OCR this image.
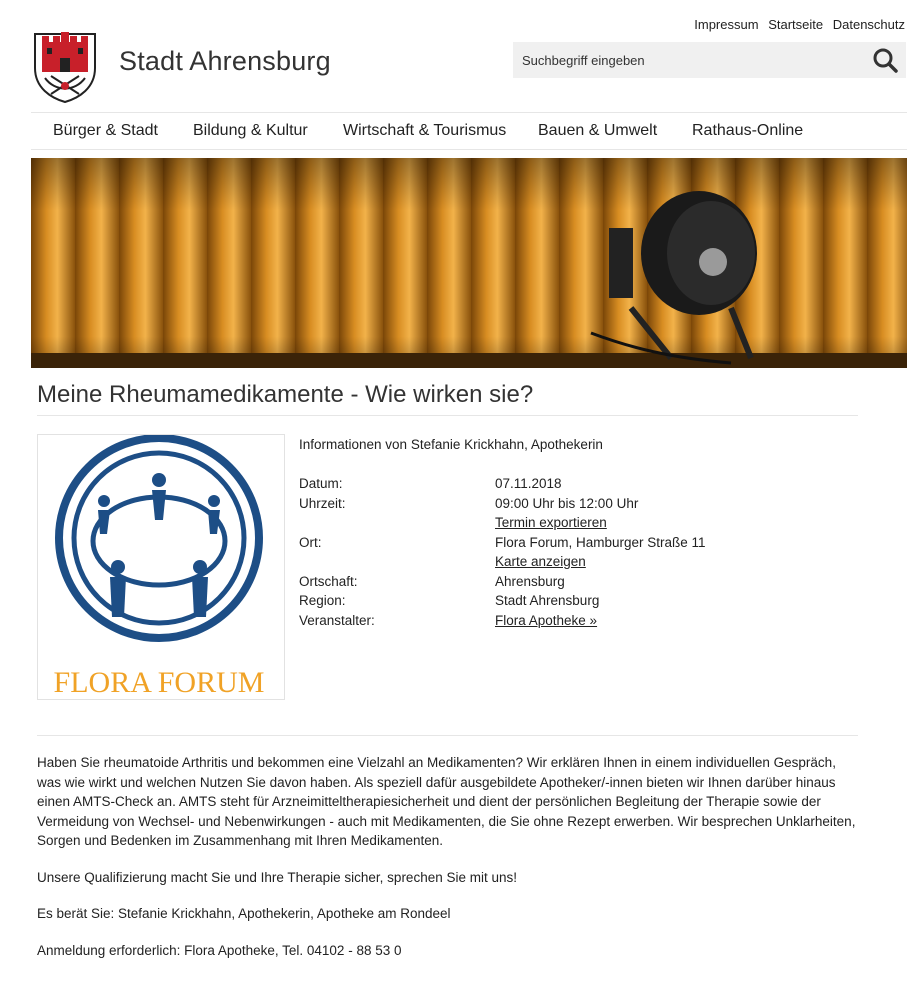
Impressum Startseite Datenschutz
Stadt Ahrensburg
Suchbegriff eingeben
Bürger & Stadt Bildung & Kultur Wirtschaft & Tourismus Bauen & Umwelt Rathaus-Online
Meine Rheumamedikamente - Wie wirken sie?
FLORA FORUM
Informationen von Stefanie Krickhahn, Apothekerin
Datum:	07.11.2018
Uhrzeit:	09:00 Uhr bis 12:00 Uhr
Termin exportieren
Ort:	Flora Forum, Hamburger Straße 11
Karte anzeigen
Ortschaft:	Ahrensburg
Region:	Stadt Ahrensburg
Veranstalter:	Flora Apotheke »

Haben Sie rheumatoide Arthritis und bekommen eine Vielzahl an Medikamenten? Wir erklären Ihnen in einem individuellen Gespräch, was wie wirkt und welchen Nutzen Sie davon haben. Als speziell dafür ausgebildete Apotheker/-innen bieten wir Ihnen darüber hinaus einen AMTS-Check an. AMTS steht für Arzneimitteltherapiesicherheit und dient der persönlichen Begleitung der Therapie sowie der Vermeidung von Wechsel- und Nebenwirkungen - auch mit Medikamenten, die Sie ohne Rezept erwerben. Wir besprechen Unklarheiten, Sorgen und Bedenken im Zusammenhang mit Ihren Medikamenten.

Unsere Qualifizierung macht Sie und Ihre Therapie sicher, sprechen Sie mit uns!

Es berät Sie: Stefanie Krickhahn, Apothekerin, Apotheke am Rondeel

Anmeldung erforderlich: Flora Apotheke, Tel. 04102 - 88 53 0
